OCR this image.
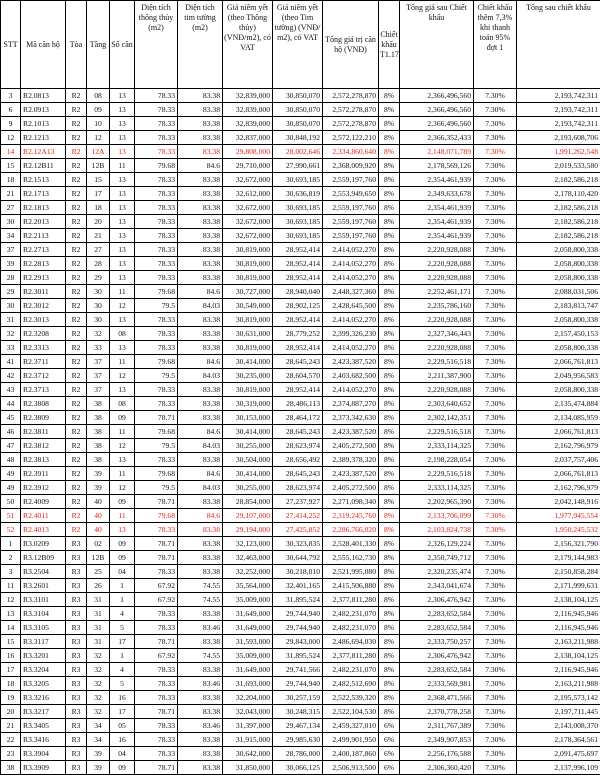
STT	Mã căn hộ	Tòa	Tầng	Số căn	Diện tích thông thủy (m2)	Diện tích tim tường (m2)	Giá niêm yết (theo Thông thủy) (VNĐ/m2), có VAT	Giá niêm yết (theo Tim tường) (VNĐ/ m2), có VAT	Tổng giá trị căn hộ (VNĐ)	Chiết khấu T1.17	Tổng giá sau Chiết khấu	Chiết khấu thêm 7,3% khi thanh toán 95% đợt 1	Tổng sau chiết khấu
3	R2.0813	R2	08	13	78.33	83.38	32,839,000	30,850,070	2,572,278,870	8%	2,366,496,560	7.30%	2,193,742,311
6	R2.0913	R2	09	13	78.33	83.38	32,839,000	30,850,070	2,572,278,870	8%	2,366,496,560	7.30%	2,193,742,311
9	R2.1013	R2	10	13	78.33	83.38	32,839,000	30,850,070	2,572,278,870	8%	2,366,496,560	7.30%	2,193,742,311
12	R2.1213	R2	12	13	78.33	83.38	32,837,000	30,848,192	2,572,122,210	8%	2,366,352,433	7.30%	2,193,608,706
14	R2.12A13	R2	12A	13	78.33	83.38	29,808,000	28,002,646	2,334,860,640	8%	2,148,071,789	7.30%	1,991,262,548
15	R2.12B11	R2	12B	11	79.68	84.6	29,710,000	27,990,661	2,368,009,920	8%	2,178,569,126	7.30%	2,019,533,580
18	R2.1513	R2	15	13	78.33	83.38	32,672,000	30,693,185	2,559,197,760	8%	2,354,461,939	7.30%	2,182,586,218
21	R2.1713	R2	17	13	78.33	83.38	32,612,000	30,636,819	2,553,949,650	8%	2,349,633,678	7.30%	2,178,110,420
27	R2.1813	R2	18	13	78.33	83.38	32,672,000	30,693,185	2,559,197,760	8%	2,354,461,939	7.30%	2,182,586,218
30	R2.2013	R2	20	13	78.33	83.38	32,672,000	30,693,185	2,559,197,760	8%	2,354,461,939	7.30%	2,182,586,218
34	R2.2113	R2	21	13	78.33	83.38	32,672,000	30,693,185	2,559,197,760	8%	2,354,461,939	7.30%	2,182,586,218
37	R2.2713	R2	27	13	78.33	83.38	30,819,000	28,952,414	2,414,052,270	8%	2,220,928,088	7.30%	2,058,800,338
39	R2.2813	R2	28	13	78.33	83.38	30,819,000	28,952,414	2,414,052,270	8%	2,220,928,088	7.30%	2,058,800,338
28	R2.2913	R2	29	13	78.33	83.38	30,819,000	28,952,414	2,414,052,270	8%	2,220,928,088	7.30%	2,058,800,338
29	R2.3011	R2	30	11	79.68	84.6	30,727,000	28,940,040	2,448,327,360	8%	2,252,461,171	7.30%	2,088,031,506
30	R2.3012	R2	30	12	79.5	84.03	30,549,000	28,902,125	2,428,645,500	8%	2,235,786,160	7.30%	2,183,813,747
31	R2.3013	R2	30	13	78.33	83.38	30,819,000	28,952,414	2,414,052,270	8%	2,220,928,088	7.30%	2,058,800,338
32	R2.3208	R2	32	08	78.33	83.38	30,631,000	28,779,252	2,399,326,230	8%	2,327,346,443	7.30%	2,157,450,153
33	R2.3313	R2	33	13	78.33	83.38	30,819,000	28,952,414	2,414,052,270	8%	2,220,928,088	7.30%	2,058,800,338
41	R2.3711	R2	37	11	79.68	84.6	30,414,000	28,645,243	2,423,387,520	8%	2,229,516,518	7.30%	2,066,761,813
42	R2.3712	R2	37	12	79.5	84.03	30,235,000	28,604,570	2,403,682,500	8%	2,211,387,900	7.30%	2,049,956,583
43	R2.3713	R2	37	13	78.33	83.38	30,819,000	28,952,414	2,414,052,270	8%	2,220,928,088	7.30%	2,058,800,338
44	R2.3808	R2	38	08	78.33	83.38	30,319,000	28,486,113	2,374,887,270	8%	2,303,640,652	7.30%	2,135,474,884
45	R2.3809	R2	38	09	78.71	83.38	30,153,000	28,464,172	2,373,342,630	8%	2,302,142,351	7.30%	2,134,085,959
46	R2.3811	R2	38	11	79.68	84.6	30,414,000	28,645,243	2,423,387,520	8%	2,229,516,518	7.30%	2,066,761,813
47	R2.3812	R2	38	12	79.5	84.03	30,255,000	28,623,974	2,405,272,500	8%	2,333,114,325	7.30%	2,162,796,979
48	R2.3813	R2	38	13	78.33	83.38	30,504,000	28,656,492	2,389,378,320	8%	2,198,228,054	7.30%	2,037,757,406
49	R2.3911	R2	39	11	79.68	84.6	30,414,000	28,645,243	2,423,387,520	8%	2,229,516,518	7.30%	2,066,761,813
49	R2.3912	R2	39	12	79.5	84.03	30,255,000	28,623,974	2,405,272,500	8%	2,333,114,325	7.30%	2,162,796,979
50	R2.4009	R2	40	09	78.71	83.38	28,854,000	27,237,927	2,271,098,340	8%	2,202,965,390	7.30%	2,042,148,916
51	R2.4011	R2	40	11	79.68	84.6	29,107,000	27,414,252	2,319,245,760	8%	2,133,706,099	7.30%	1,977,945,554
52	R2.4013	R2	40	13	78.33	83.38	29,194,000	27,425,852	2,286,766,020	8%	2,103,824,738	7.30%	1,950,245,532
1	R3.0209	R3	02	09	78.71	83.38	32,123,000	30,323,835	2,528,401,330	8%	2,326,129,224	7.30%	2,156,321,790
2	R3.12B09	R3	12B	09	78.71	83.38	32,463,000	30,644,792	2,555,162,730	8%	2,350,749,712	7.30%	2,179,144,983
3	R3.2504	R3	25	04	78.33	83.38	32,252,000	30,218,010	2,521,995,080	8%	2,320,235,474	7.30%	2,150,858,284
11	R3.2601	R3	26	1	67.92	74.55	35,564,000	32,401,165	2,415,506,880	8%	2,343,041,674	7.30%	2,171,999,631
12	R3.3101	R3	31	1	67.92	74.55	35,009,000	31,895,524	2,377,811,280	8%	2,306,476,942	7.30%	2,138,104,125
13	R3.3104	R3	31	4	78.33	83.38	31,649,000	29,744,940	2,482,231,070	8%	2,283,652,584	7.30%	2,116,945,946
14	R3.3105	R3	31	5	78.33	83.46	31,649,000	29,744,940	2,482,231,070	8%	2,283,652,584	7.30%	2,116,945,946
15	R3.3117	R3	31	17	78.71	83.38	31,593,000	29,843,000	2,486,694,030	8%	2,333,750,257	7.30%	2,163,211,988
16	R3.3201	R3	32	1	67.92	74.55	35,009,000	31,895,524	2,377,811,280	8%	2,306,476,942	7.30%	2,138,104,125
17	R3.3204	R3	32	4	78.33	83.38	31,649,000	29,741,566	2,482,231,070	8%	2,283,652,584	7.30%	2,116,945,946
18	R3.3205	R3	32	5	78.33	83.46	31,693,000	29,744,940	2,482,512,690	8%	2,333,569,981	7.30%	2,163,211,988
19	R3.3216	R3	32	16	78.33	83.38	32,204,000	30,257,159	2,522,539,320	8%	2,368,471,566	7.30%	2,195,573,142
20	R3.3217	R3	32	17	78.71	83.38	32,043,000	30,248,315	2,522,104,530	8%	2,370,778,258	7.30%	2,197,711,445
21	R3.3405	R3	34	05	78.33	83.46	31,397,000	29,467,134	2,459,327,010	6%	2,311,767,389	7.30%	2,143,008,370
22	R3.3416	R3	34	16	78.33	83.38	31,915,000	29,985,630	2,499,901,950	6%	2,349,907,853	7.30%	2,178,364,561
23	R3.3904	R3	39	04	78.33	83.38	30,642,000	28,786,000	2,400,187,860	6%	2,256,176,588	7.30%	2,091,475,697
38	R3.3909	R3	39	09	78.71	83.38	31,850,000	30,066,125	2,506,913,500	6%	2,306,360,420	7.30%	2,137,996,109
